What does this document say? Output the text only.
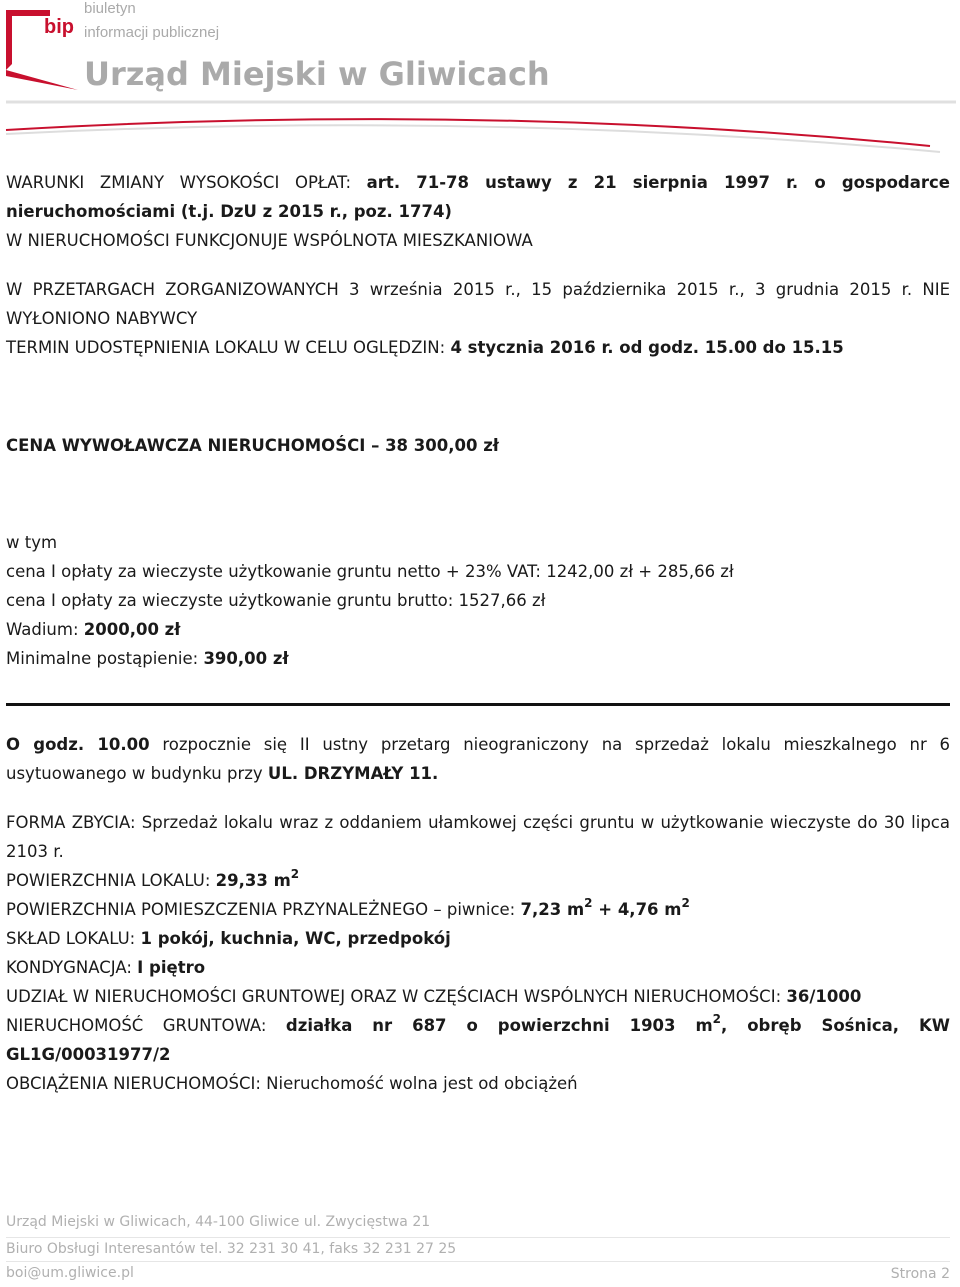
bip
biuletyn
informacji publicznej
Urząd Miejski w Gliwicach

WARUNKI ZMIANY WYSOKOŚCI OPŁAT: art. 71-78 ustawy z 21 sierpnia 1997 r. o gospodarce nieruchomościami (t.j. DzU z 2015 r., poz. 1774)

W NIERUCHOMOŚCI FUNKCJONUJE WSPÓLNOTA MIESZKANIOWA

W PRZETARGACH ZORGANIZOWANYCH 3 września 2015 r., 15 października 2015 r., 3 grudnia 2015 r. NIE WYŁONIONO NABYWCY

TERMIN UDOSTĘPNIENIA LOKALU W CELU OGLĘDZIN: 4 stycznia 2016 r. od godz. 15.00 do 15.15

CENA WYWOŁAWCZA NIERUCHOMOŚCI – 38 300,00 zł

w tym

cena I opłaty za wieczyste użytkowanie gruntu netto + 23% VAT: 1242,00 zł + 285,66 zł

cena I opłaty za wieczyste użytkowanie gruntu brutto: 1527,66 zł

Wadium: 2000,00 zł

Minimalne postąpienie: 390,00 zł

O godz. 10.00 rozpocznie się II ustny przetarg nieograniczony na sprzedaż lokalu mieszkalnego nr 6 usytuowanego w budynku przy UL. DRZYMAŁY 11.

FORMA ZBYCIA: Sprzedaż lokalu wraz z oddaniem ułamkowej części gruntu w użytkowanie wieczyste do 30 lipca 2103 r.

POWIERZCHNIA LOKALU: 29,33 $m^2$

POWIERZCHNIA POMIESZCZENIA PRZYNALEŻNEGO – piwnice: 7,23 $m^2 + 4,76$ $m^2$

SKŁAD LOKALU: 1 pokój, kuchnia, WC, przedpokój

KONDYGNACJA: I piętro

UDZIAŁ W NIERUCHOMOŚCI GRUNTOWEJ ORAZ W CZĘŚCIACH WSPÓLNYCH NIERUCHOMOŚCI: 36/1000

NIERUCHOMOŚĆ GRUNTOWA: działka nr 687 o powierzchni 1903 $m^2$, obręb Sośnica, KW GL1G/00031977/2

OBCIĄŻENIA NIERUCHOMOŚCI: Nieruchomość wolna jest od obciążeń

Urząd Miejski w Gliwicach, 44-100 Gliwice ul. Zwycięstwa 21
Biuro Obsługi Interesantów tel. 32 231 30 41, faks 32 231 27 25
boi@um.gliwice.pl	Strona 2
